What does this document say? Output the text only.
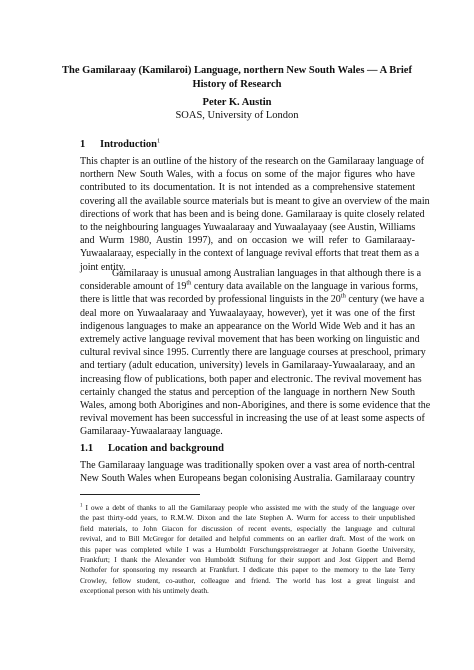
The Gamilaraay (Kamilaroi) Language, northern New South Wales — A Brief
History of Research
Peter K. Austin
SOAS, University of London
1 Introduction$^1$
This chapter is an outline of the history of the research on the Gamilaraay language of
northern New South Wales, with a focus on some of the major figures who have
contributed to its documentation. It is not intended as a comprehensive statement
covering all the available source materials but is meant to give an overview of the main
directions of work that has been and is being done. Gamilaraay is quite closely related
to the neighbouring languages Yuwaalaraay and Yuwaalayaay (see Austin, Williams
and Wurm 1980, Austin 1997), and on occasion we will refer to Gamilaraay-
Yuwaalaraay, especially in the context of language revival efforts that treat them as a
joint entity.
Gamilaraay is unusual among Australian languages in that although there is a
considerable amount of 19th century data available on the language in various forms,
there is little that was recorded by professional linguists in the 20th century (we have a
deal more on Yuwaalaraay and Yuwaalayaay, however), yet it was one of the first
indigenous languages to make an appearance on the World Wide Web and it has an
extremely active language revival movement that has been working on linguistic and
cultural revival since 1995. Currently there are language courses at preschool, primary
and tertiary (adult education, university) levels in Gamilaraay-Yuwaalaraay, and an
increasing flow of publications, both paper and electronic. The revival movement has
certainly changed the status and perception of the language in northern New South
Wales, among both Aborigines and non-Aborigines, and there is some evidence that the
revival movement has been successful in increasing the use of at least some aspects of
Gamilaraay-Yuwaalaraay language.
1.1 Location and background
The Gamilaraay language was traditionally spoken over a vast area of north-central
New South Wales when Europeans began colonising Australia. Gamilaraay country
$^1$ I owe a debt of thanks to all the Gamilaraay people who assisted me with the study of the language over
the past thirty-odd years, to R.M.W. Dixon and the late Stephen A. Wurm for access to their unpublished
field materials, to John Giacon for discussion of recent events, especially the language and cultural
revival, and to Bill McGregor for detailed and helpful comments on an earlier draft. Most of the work on
this paper was completed while I was a Humboldt Forschungspreistraeger at Johann Goethe University,
Frankfurt; I thank the Alexander von Humboldt Stiftung for their support and Jost Gippert and Bernd
Nothofer for sponsoring my research at Frankfurt. I dedicate this paper to the memory to the late Terry
Crowley, fellow student, co-author, colleague and friend. The world has lost a great linguist and
exceptional person with his untimely death.
